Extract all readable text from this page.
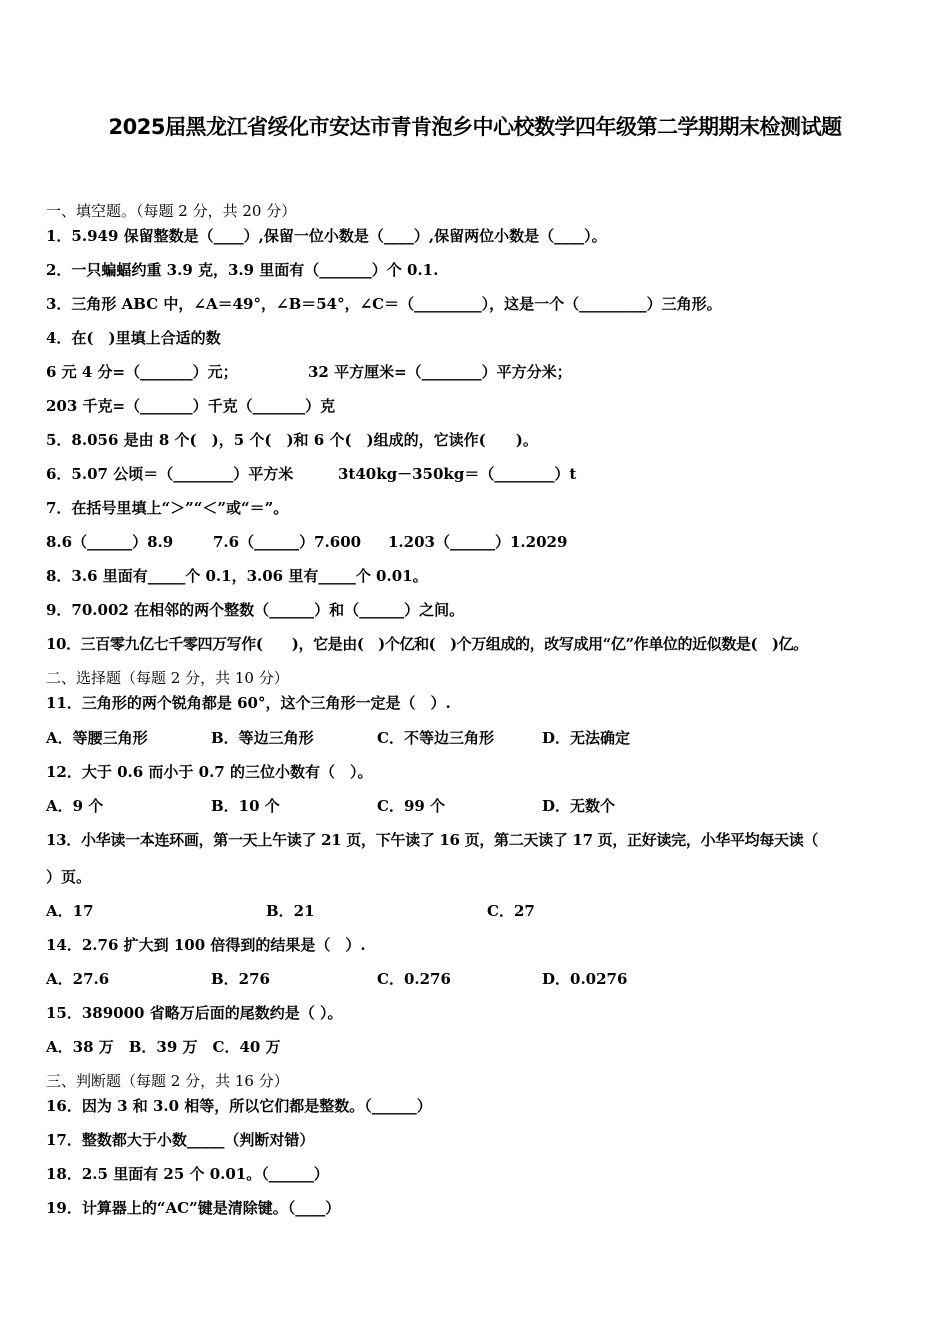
2025届黑龙江省绥化市安达市青肯泡乡中心校数学四年级第二学期期末检测试题
一、填空题。（每题 2 分，共 20 分）
1．5.949 保留整数是（____）,保留一位小数是（____）,保留两位小数是（____）。
2．一只蝙蝠约重 3.9 克，3.9 里面有（_______）个 0.1.
3．三角形 ABC 中，∠A＝49°，∠B＝54°，∠C＝（_________），这是一个（_________）三角形。
4．在(　)里填上合适的数
6 元 4 分=（_______）元；	32 平方厘米=（________）平方分米；
203 千克=（_______）千克（_______）克
5．8.056 是由 8 个(　)，5 个(　)和 6 个(　)组成的，它读作(　　)。
6．5.07 公顷＝（________）平方米	3t40kg－350kg＝（________）t
7．在括号里填上“＞”“＜”或“＝”。
8.6（______）8.9	7.6（______）7.600 1.203（______）1.2029
8．3.6 里面有_____个 0.1，3.06 里有_____个 0.01。
9．70.002 在相邻的两个整数（______）和（______）之间。
10．三百零九亿七千零四万写作(　　)，它是由(　)个亿和(　)个万组成的，改写成用“亿”作单位的近似数是(　)亿。
二、选择题（每题 2 分，共 10 分）
11．三角形的两个锐角都是 60°，这个三角形一定是（　）.
A．等腰三角形	B．等边三角形	C．不等边三角形	D．无法确定
12．大于 0.6 而小于 0.7 的三位小数有（　）。
A．9 个	B．10 个	C．99 个	D．无数个
13．小华读一本连环画，第一天上午读了 21 页，下午读了 16 页，第二天读了 17 页，正好读完，小华平均每天读（
）页。
A．17	B．21	C．27
14．2.76 扩大到 100 倍得到的结果是（　）.
A．27.6	B．276	C．0.276	D．0.0276
15．389000 省略万后面的尾数约是（ ）。
A．38 万　B．39 万　C．40 万
三、判断题（每题 2 分，共 16 分）
16．因为 3 和 3.0 相等，所以它们都是整数。（______）
17．整数都大于小数_____（判断对错）
18．2.5 里面有 25 个 0.01。（______）
19．计算器上的“AC”键是清除键。（____）
